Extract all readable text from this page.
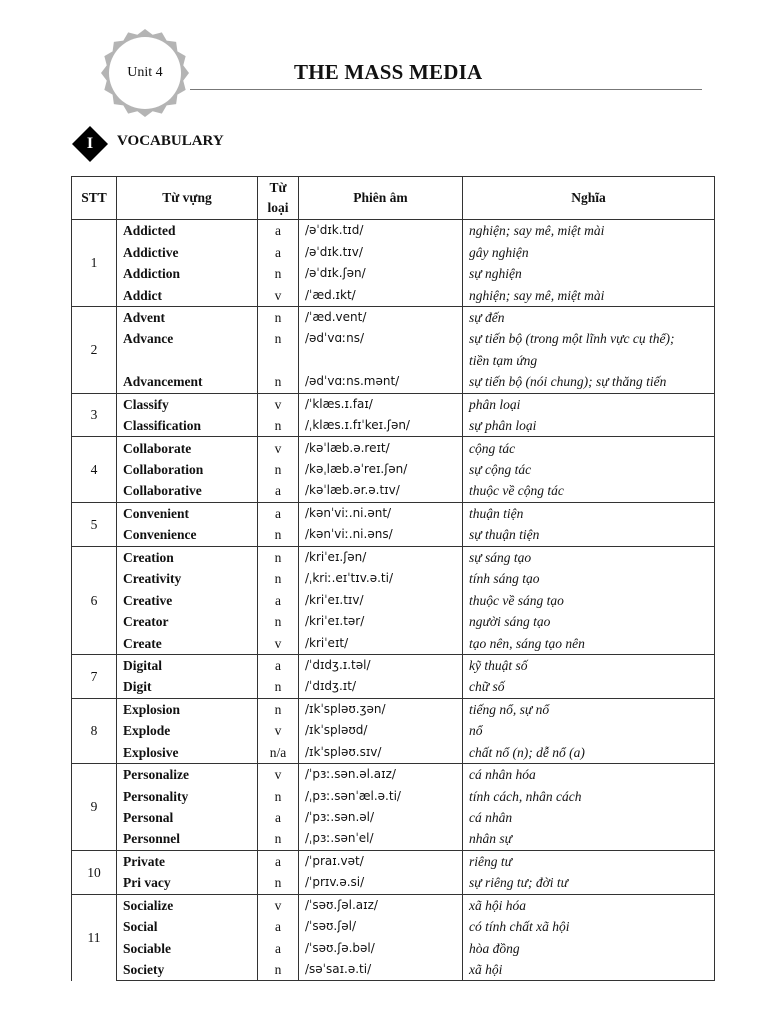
Unit 4	THE MASS MEDIA
I	VOCABULARY
STT	Từ vựng	Từ loại	Phiên âm	Nghĩa
1	Addicted	a	/əˈdɪk.tɪd/	nghiện; say mê, miệt mài
	Addictive	a	/əˈdɪk.tɪv/	gây nghiện
	Addiction	n	/əˈdɪk.ʃən/	sự nghiện
	Addict	v	/ˈæd.ɪkt/	nghiện; say mê, miệt mài
2	Advent	n	/ˈæd.vent/	sự đến
	Advance	n	/ədˈvɑːns/	sự tiến bộ (trong một lĩnh vực cụ thể);
				tiền tạm ứng
	Advancement	n	/ədˈvɑːns.mənt/	sự tiến bộ (nói chung); sự thăng tiến
3	Classify	v	/ˈklæs.ɪ.faɪ/	phân loại
	Classification	n	/ˌklæs.ɪ.fɪˈkeɪ.ʃən/	sự phân loại
4	Collaborate	v	/kəˈlæb.ə.reɪt/	cộng tác
	Collaboration	n	/kəˌlæb.əˈreɪ.ʃən/	sự cộng tác
	Collaborative	a	/kəˈlæb.ər.ə.tɪv/	thuộc về cộng tác
5	Convenient	a	/kənˈviː.ni.ənt/	thuận tiện
	Convenience	n	/kənˈviː.ni.əns/	sự thuận tiện
6	Creation	n	/kriˈeɪ.ʃən/	sự sáng tạo
	Creativity	n	/ˌkriː.eɪˈtɪv.ə.ti/	tính sáng tạo
	Creative	a	/kriˈeɪ.tɪv/	thuộc về sáng tạo
	Creator	n	/kriˈeɪ.tər/	người sáng tạo
	Create	v	/kriˈeɪt/	tạo nên, sáng tạo nên
7	Digital	a	/ˈdɪdʒ.ɪ.təl/	kỹ thuật số
	Digit	n	/ˈdɪdʒ.ɪt/	chữ số
8	Explosion	n	/ɪkˈspləʊ.ʒən/	tiếng nổ, sự nổ
	Explode	v	/ɪkˈspləʊd/	nổ
	Explosive	n/a	/ɪkˈspləʊ.sɪv/	chất nổ (n); dễ nổ (a)
9	Personalize	v	/ˈpɜː.sən.əl.aɪz/	cá nhân hóa
	Personality	n	/ˌpɜː.sənˈæl.ə.ti/	tính cách, nhân cách
	Personal	a	/ˈpɜː.sən.əl/	cá nhân
	Personnel	n	/ˌpɜː.sənˈel/	nhân sự
10	Private	a	/ˈpraɪ.vət/	riêng tư
	Pri vacy	n	/ˈprɪv.ə.si/	sự riêng tư; đời tư
11	Socialize	v	/ˈsəʊ.ʃəl.aɪz/	xã hội hóa
	Social	a	/ˈsəʊ.ʃəl/	có tính chất xã hội
	Sociable	a	/ˈsəʊ.ʃə.bəl/	hòa đồng
	Society	n	/səˈsaɪ.ə.ti/	xã hội
